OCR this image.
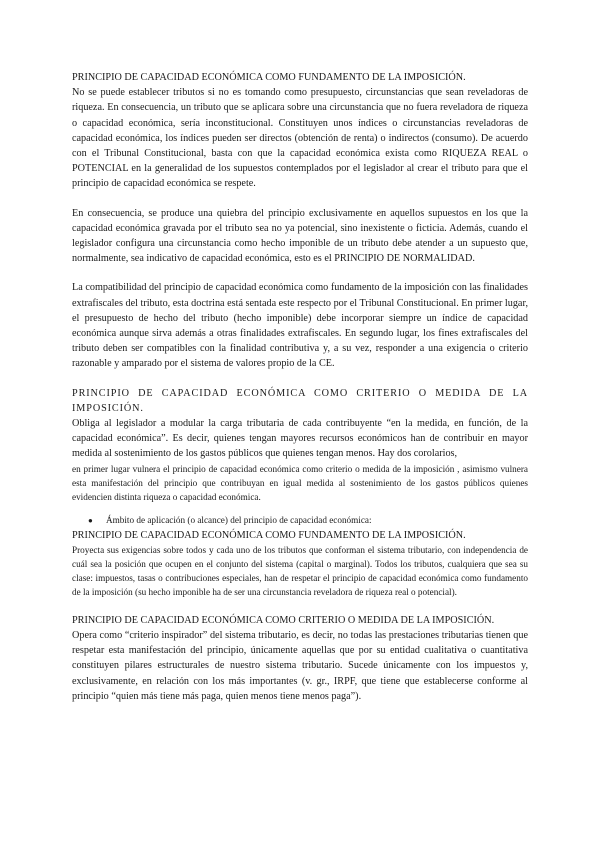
PRINCIPIO DE CAPACIDAD ECONÓMICA COMO FUNDAMENTO DE LA IMPOSICIÓN.

No se puede establecer tributos si no es tomando como presupuesto, circunstancias que sean reveladoras de riqueza. En consecuencia, un tributo que se aplicara sobre una circunstancia que no fuera reveladora de riqueza o capacidad económica, sería inconstitucional. Constituyen unos índices o circunstancias reveladoras de capacidad económica, los índices pueden ser directos (obtención de renta) o indirectos (consumo). De acuerdo con el Tribunal Constitucional, basta con que la capacidad económica exista como RIQUEZA REAL o POTENCIAL en la generalidad de los supuestos contemplados por el legislador al crear el tributo para que el principio de capacidad económica se respete.

En consecuencia, se produce una quiebra del principio exclusivamente en aquellos supuestos en los que la capacidad económica gravada por el tributo sea no ya potencial, sino inexistente o ficticia. Además, cuando el legislador configura una circunstancia como hecho imponible de un tributo debe atender a un supuesto que, normalmente, sea indicativo de capacidad económica, esto es el PRINCIPIO DE NORMALIDAD.

La compatibilidad del principio de capacidad económica como fundamento de la imposición con las finalidades extrafiscales del tributo, esta doctrina está sentada este respecto por el Tribunal Constitucional. En primer lugar, el presupuesto de hecho del tributo (hecho imponible) debe incorporar siempre un índice de capacidad económica aunque sirva además a otras finalidades extrafiscales. En segundo lugar, los fines extrafiscales del tributo deben ser compatibles con la finalidad contributiva y, a su vez, responder a una exigencia o criterio razonable y amparado por el sistema de valores propio de la CE.

PRINCIPIO DE CAPACIDAD ECONÓMICA COMO CRITERIO O MEDIDA DE LA IMPOSICIÓN.

Obliga al legislador a modular la carga tributaria de cada contribuyente “en la medida, en función, de la capacidad económica”. Es decir, quienes tengan mayores recursos económicos han de contribuir en mayor medida al sostenimiento de los gastos públicos que quienes tengan menos. Hay dos corolarios,

en primer lugar vulnera el principio de capacidad económica como criterio o medida de la imposición , asimismo vulnera esta manifestación del principio que contribuyan en igual medida al sostenimiento de los gastos públicos quienes evidencien distinta riqueza o capacidad económica.

●	Ámbito de aplicación (o alcance) del principio de capacidad económica:

PRINCIPIO DE CAPACIDAD ECONÓMICA COMO FUNDAMENTO DE LA IMPOSICIÓN.

Proyecta sus exigencias sobre todos y cada uno de los tributos que conforman el sistema tributario, con independencia de cuál sea la posición que ocupen en el conjunto del sistema (capital o marginal). Todos los tributos, cualquiera que sea su clase: impuestos, tasas o contribuciones especiales, han de respetar el principio de capacidad económica como fundamento de la imposición (su hecho imponible ha de ser una circunstancia reveladora de riqueza real o potencial).

PRINCIPIO DE CAPACIDAD ECONÓMICA COMO CRITERIO O MEDIDA DE LA IMPOSICIÓN.

Opera como “criterio inspirador” del sistema tributario, es decir, no todas las prestaciones tributarias tienen que respetar esta manifestación del principio, únicamente aquellas que por su entidad cualitativa o cuantitativa constituyen pilares estructurales de nuestro sistema tributario. Sucede únicamente con los impuestos y, exclusivamente, en relación con los más importantes (v. gr., IRPF, que tiene que establecerse conforme al principio “quien más tiene más paga, quien menos tiene menos paga”).
